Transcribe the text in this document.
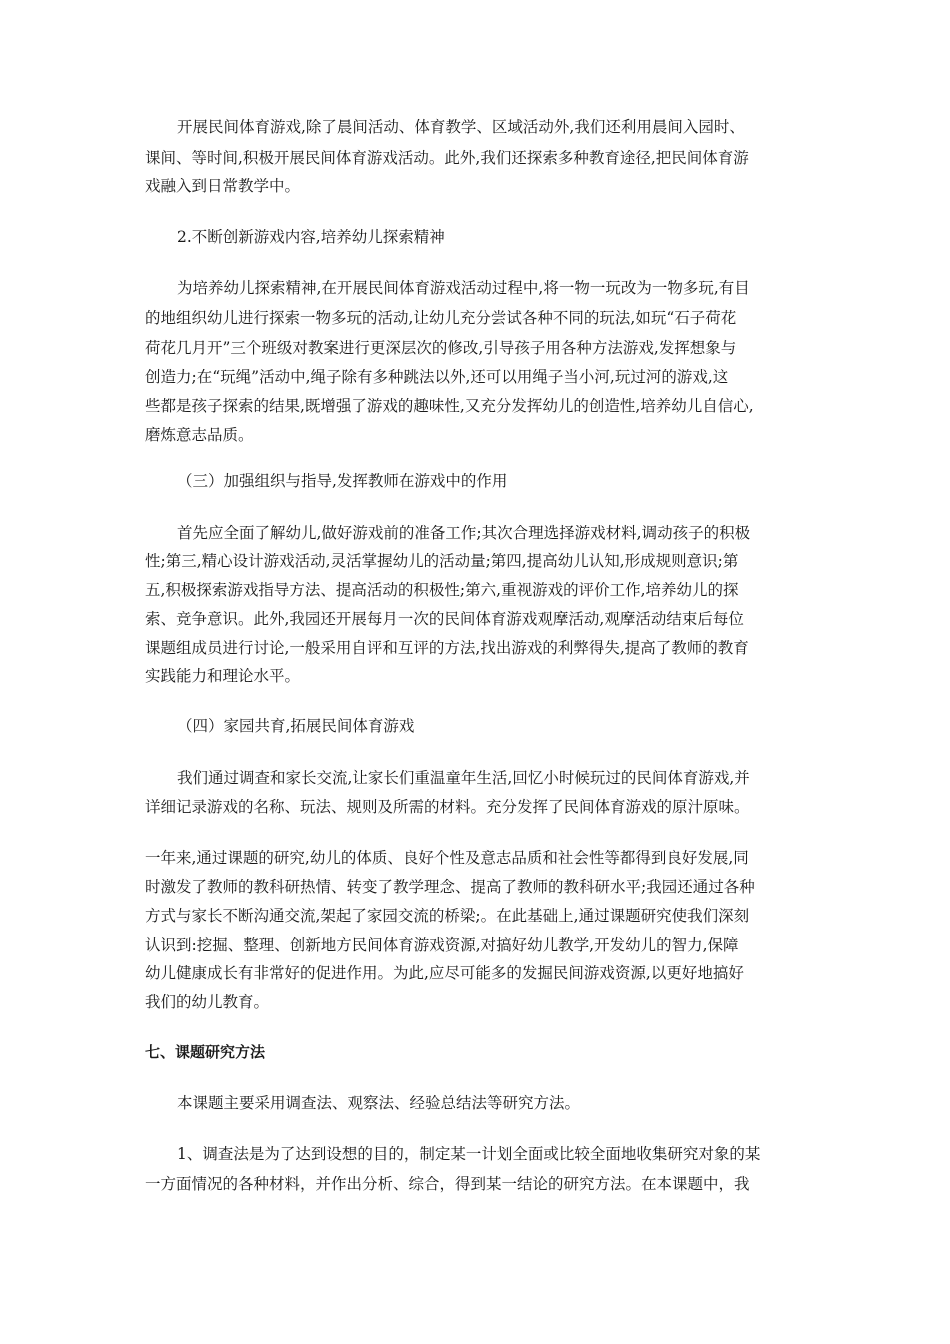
开展民间体育游戏,除了晨间活动、体育教学、区域活动外,我们还利用晨间入园时、
课间、等时间,积极开展民间体育游戏活动。此外,我们还探索多种教育途径,把民间体育游
戏融入到日常教学中。
2.不断创新游戏内容,培养幼儿探索精神
为培养幼儿探索精神,在开展民间体育游戏活动过程中,将一物一玩改为一物多玩,有目
的地组织幼儿进行探索一物多玩的活动,让幼儿充分尝试各种不同的玩法,如玩“石子荷花
荷花几月开”三个班级对教案进行更深层次的修改,引导孩子用各种方法游戏,发挥想象与
创造力;在“玩绳”活动中,绳子除有多种跳法以外,还可以用绳子当小河,玩过河的游戏,这
些都是孩子探索的结果,既增强了游戏的趣味性,又充分发挥幼儿的创造性,培养幼儿自信心,
磨炼意志品质。
（三）加强组织与指导,发挥教师在游戏中的作用
首先应全面了解幼儿,做好游戏前的准备工作;其次合理选择游戏材料,调动孩子的积极
性;第三,精心设计游戏活动,灵活掌握幼儿的活动量;第四,提高幼儿认知,形成规则意识;第
五,积极探索游戏指导方法、提高活动的积极性;第六,重视游戏的评价工作,培养幼儿的探
索、竞争意识。此外,我园还开展每月一次的民间体育游戏观摩活动,观摩活动结束后每位
课题组成员进行讨论,一般采用自评和互评的方法,找出游戏的利弊得失,提高了教师的教育
实践能力和理论水平。
（四）家园共育,拓展民间体育游戏
我们通过调查和家长交流,让家长们重温童年生活,回忆小时候玩过的民间体育游戏,并
详细记录游戏的名称、玩法、规则及所需的材料。充分发挥了民间体育游戏的原汁原味。
一年来,通过课题的研究,幼儿的体质、良好个性及意志品质和社会性等都得到良好发展,同
时激发了教师的教科研热情、转变了教学理念、提高了教师的教科研水平;我园还通过各种
方式与家长不断沟通交流,架起了家园交流的桥梁;。在此基础上,通过课题研究使我们深刻
认识到:挖掘、整理、创新地方民间体育游戏资源,对搞好幼儿教学,开发幼儿的智力,保障
幼儿健康成长有非常好的促进作用。为此,应尽可能多的发掘民间游戏资源,以更好地搞好
我们的幼儿教育。
七、课题研究方法
本课题主要采用调查法、观察法、经验总结法等研究方法。
1、调查法是为了达到设想的目的，制定某一计划全面或比较全面地收集研究对象的某
一方面情况的各种材料，并作出分析、综合，得到某一结论的研究方法。在本课题中，我
